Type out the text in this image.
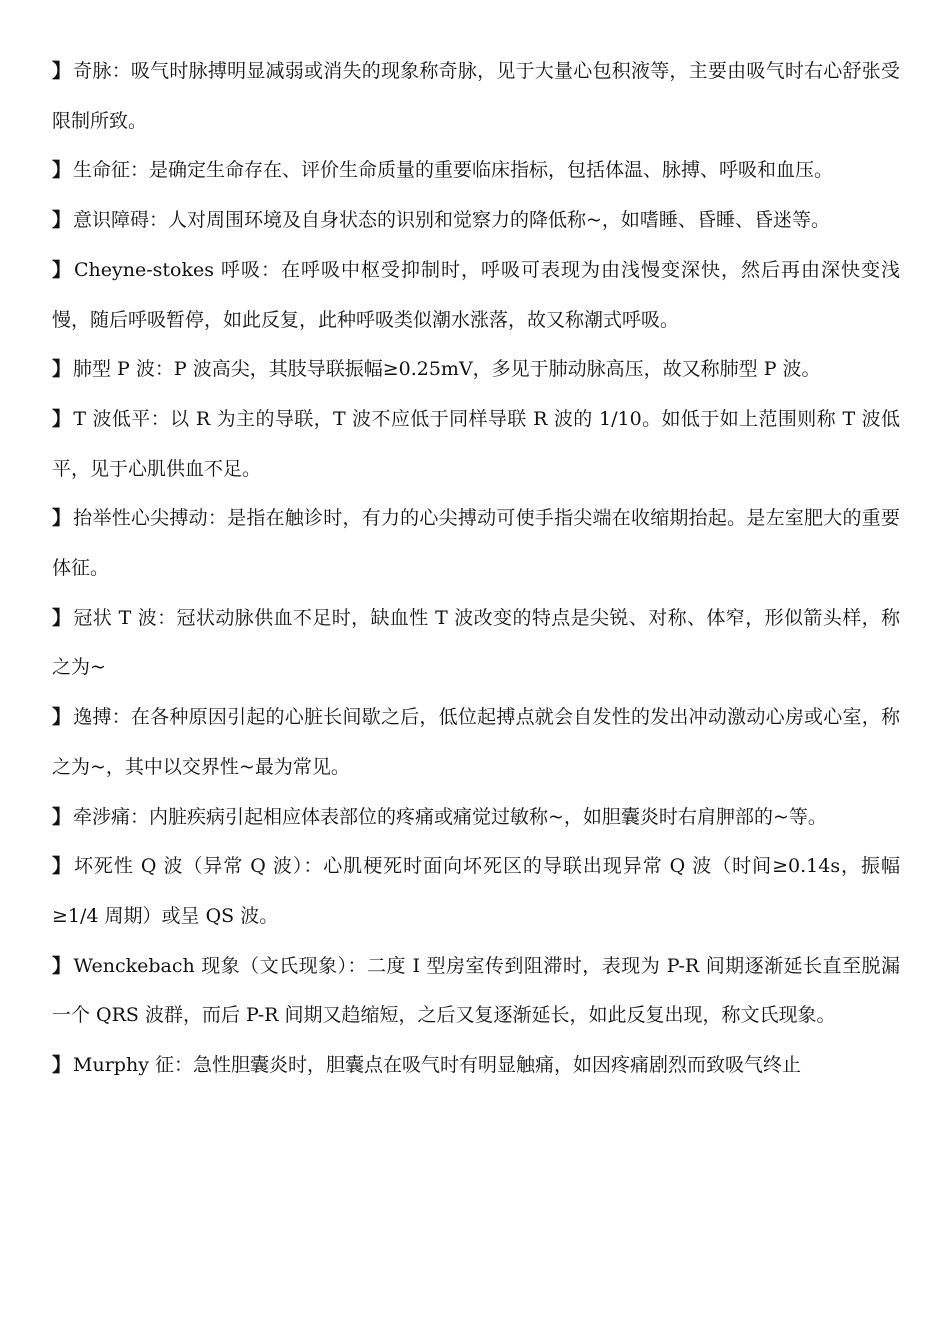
】 奇脉：吸气时脉搏明显减弱或消失的现象称奇脉，见于大量心包积液等，主要由吸气时右心舒张受限制所致。

】 生命征：是确定生命存在、评价生命质量的重要临床指标，包括体温、脉搏、呼吸和血压。

】 意识障碍：人对周围环境及自身状态的识别和觉察力的降低称~，如嗜睡、昏睡、昏迷等。

】 Cheyne-stokes 呼吸：在呼吸中枢受抑制时，呼吸可表现为由浅慢变深快，然后再由深快变浅慢，随后呼吸暂停，如此反复，此种呼吸类似潮水涨落，故又称潮式呼吸。

】 肺型 P 波：P 波高尖，其肢导联振幅≥0.25mV，多见于肺动脉高压，故又称肺型 P 波。

】 T 波低平：以 R 为主的导联，T 波不应低于同样导联 R 波的 1/10。如低于如上范围则称 T 波低平，见于心肌供血不足。

】 抬举性心尖搏动：是指在触诊时，有力的心尖搏动可使手指尖端在收缩期抬起。是左室肥大的重要体征。

】 冠状 T 波：冠状动脉供血不足时，缺血性 T 波改变的特点是尖锐、对称、体窄，形似箭头样，称之为~

】 逸搏：在各种原因引起的心脏长间歇之后，低位起搏点就会自发性的发出冲动激动心房或心室，称之为~，其中以交界性~最为常见。

】 牵涉痛：内脏疾病引起相应体表部位的疼痛或痛觉过敏称~，如胆囊炎时右肩胛部的~等。

】 坏死性 Q 波（异常 Q 波）：心肌梗死时面向坏死区的导联出现异常 Q 波（时间≥0.14s，振幅≥1/4 周期）或呈 QS 波。

】 Wenckebach 现象（文氏现象）：二度 I 型房室传到阻滞时，表现为 P-R 间期逐渐延长直至脱漏一个 QRS 波群，而后 P-R 间期又趋缩短，之后又复逐渐延长，如此反复出现，称文氏现象。

】 Murphy 征：急性胆囊炎时，胆囊点在吸气时有明显触痛，如因疼痛剧烈而致吸气终止
